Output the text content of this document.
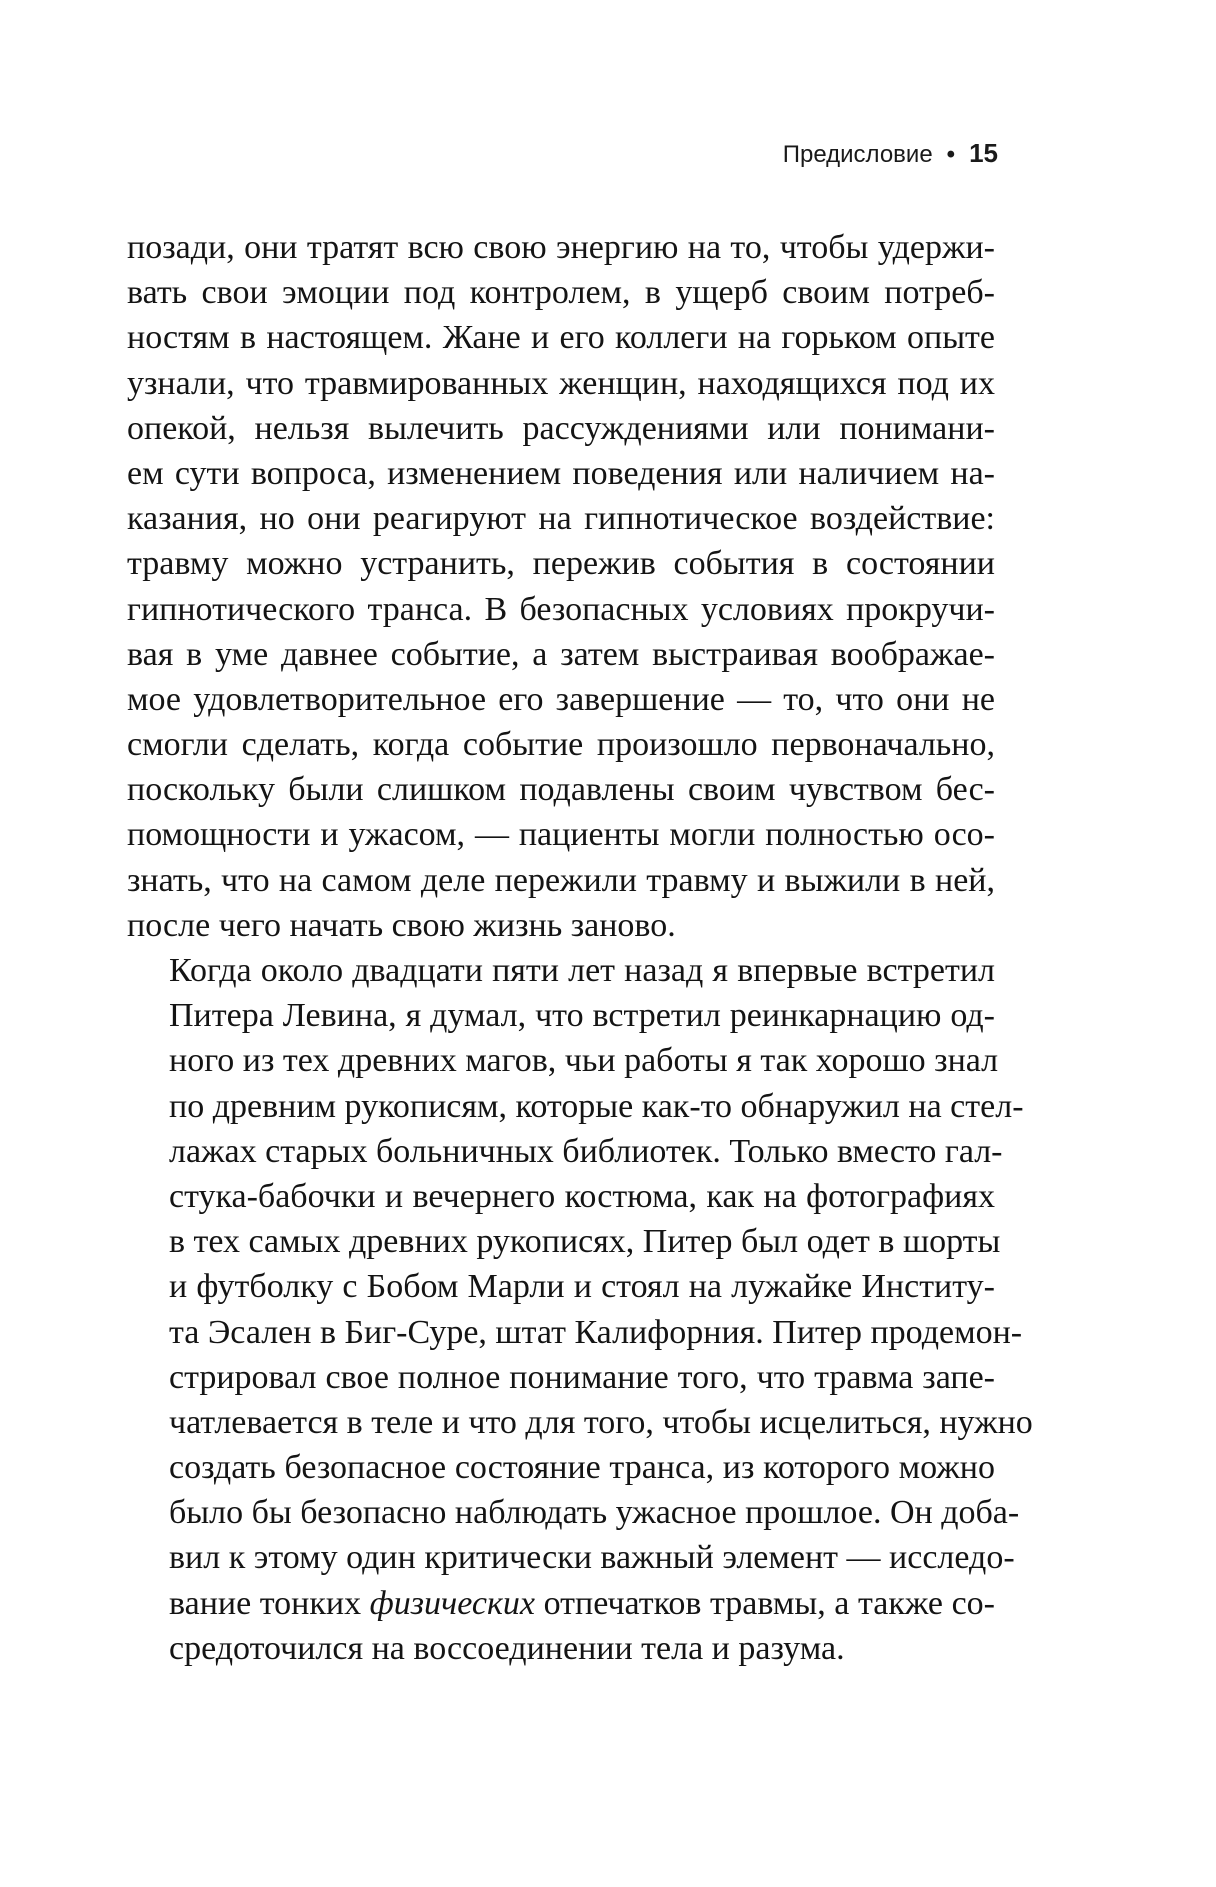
Предисловие • 15
позади, они тратят всю свою энергию на то, чтобы удержи-
вать свои эмоции под контролем, в ущерб своим потреб-
ностям в настоящем. Жане и его коллеги на горьком опыте
узнали, что травмированных женщин, находящихся под их
опекой, нельзя вылечить рассуждениями или понимани-
ем сути вопроса, изменением поведения или наличием на-
казания, но они реагируют на гипнотическое воздействие:
травму можно устранить, пережив события в состоянии
гипнотического транса. В безопасных условиях прокручи-
вая в уме давнее событие, а затем выстраивая воображае-
мое удовлетворительное его завершение — то, что они не
смогли сделать, когда событие произошло первоначально,
поскольку были слишком подавлены своим чувством бес-
помощности и ужасом, — пациенты могли полностью осо-
знать, что на самом деле пережили травму и выжили в ней,
после чего начать свою жизнь заново.
Когда около двадцати пяти лет назад я впервые встретил
Питера Левина, я думал, что встретил реинкарнацию од-
ного из тех древних магов, чьи работы я так хорошо знал
по древним рукописям, которые как-то обнаружил на стел-
лажах старых больничных библиотек. Только вместо гал-
стука-бабочки и вечернего костюма, как на фотографиях
в тех самых древних рукописях, Питер был одет в шорты
и футболку с Бобом Марли и стоял на лужайке Институ-
та Эсален в Биг-Суре, штат Калифорния. Питер продемон-
стрировал свое полное понимание того, что травма запе-
чатлевается в теле и что для того, чтобы исцелиться, нужно
создать безопасное состояние транса, из которого можно
было бы безопасно наблюдать ужасное прошлое. Он доба-
вил к этому один критически важный элемент — исследо-
вание тонких физических отпечатков травмы, а также со-
средоточился на воссоединении тела и разума.
